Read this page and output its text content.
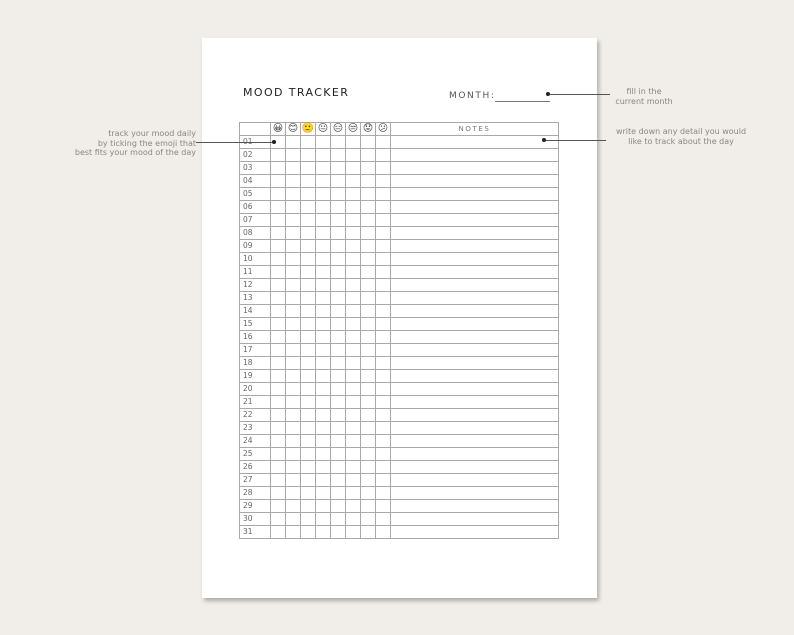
MOOD TRACKER	MONTH:
	😀	😊	🙂	😐	😑	😒	😟	😕	NOTES
01									
02									
03									
04									
05									
06									
07									
08									
09									
10									
11									
12									
13									
14									
15									
16									
17									
18									
19									
20									
21									
22									
23									
24									
25									
26									
27									
28									
29									
30									
31									
track your mood daily
by ticking the emoji that
best fits your mood of the day
fill in the
current month
write down any detail you would
like to track about the day
